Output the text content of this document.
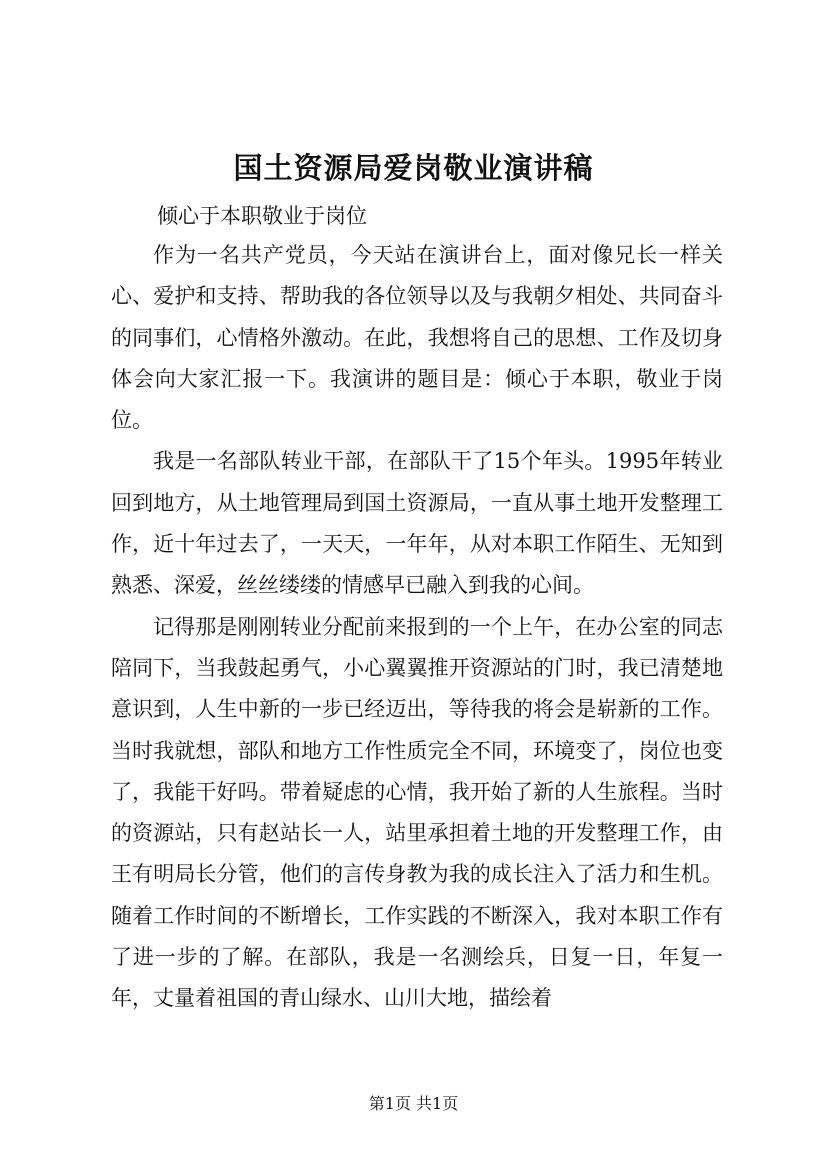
国土资源局爱岗敬业演讲稿
倾心于本职敬业于岗位

作为一名共产党员，今天站在演讲台上，面对像兄长一样关心、爱护和支持、帮助我的各位领导以及与我朝夕相处、共同奋斗的同事们，心情格外激动。在此，我想将自己的思想、工作及切身体会向大家汇报一下。我演讲的题目是：倾心于本职，敬业于岗位。

我是一名部队转业干部，在部队干了15个年头。1995年转业回到地方，从土地管理局到国土资源局，一直从事土地开发整理工作，近十年过去了，一天天，一年年，从对本职工作陌生、无知到熟悉、深爱，丝丝缕缕的情感早已融入到我的心间。

记得那是刚刚转业分配前来报到的一个上午，在办公室的同志陪同下，当我鼓起勇气，小心翼翼推开资源站的门时，我已清楚地意识到，人生中新的一步已经迈出，等待我的将会是崭新的工作。当时我就想，部队和地方工作性质完全不同，环境变了，岗位也变了，我能干好吗。带着疑虑的心情，我开始了新的人生旅程。当时的资源站，只有赵站长一人，站里承担着土地的开发整理工作，由王有明局长分管，他们的言传身教为我的成长注入了活力和生机。随着工作时间的不断增长，工作实践的不断深入，我对本职工作有了进一步的了解。在部队，我是一名测绘兵，日复一日，年复一年，丈量着祖国的青山绿水、山川大地，描绘着

第1页 共1页
